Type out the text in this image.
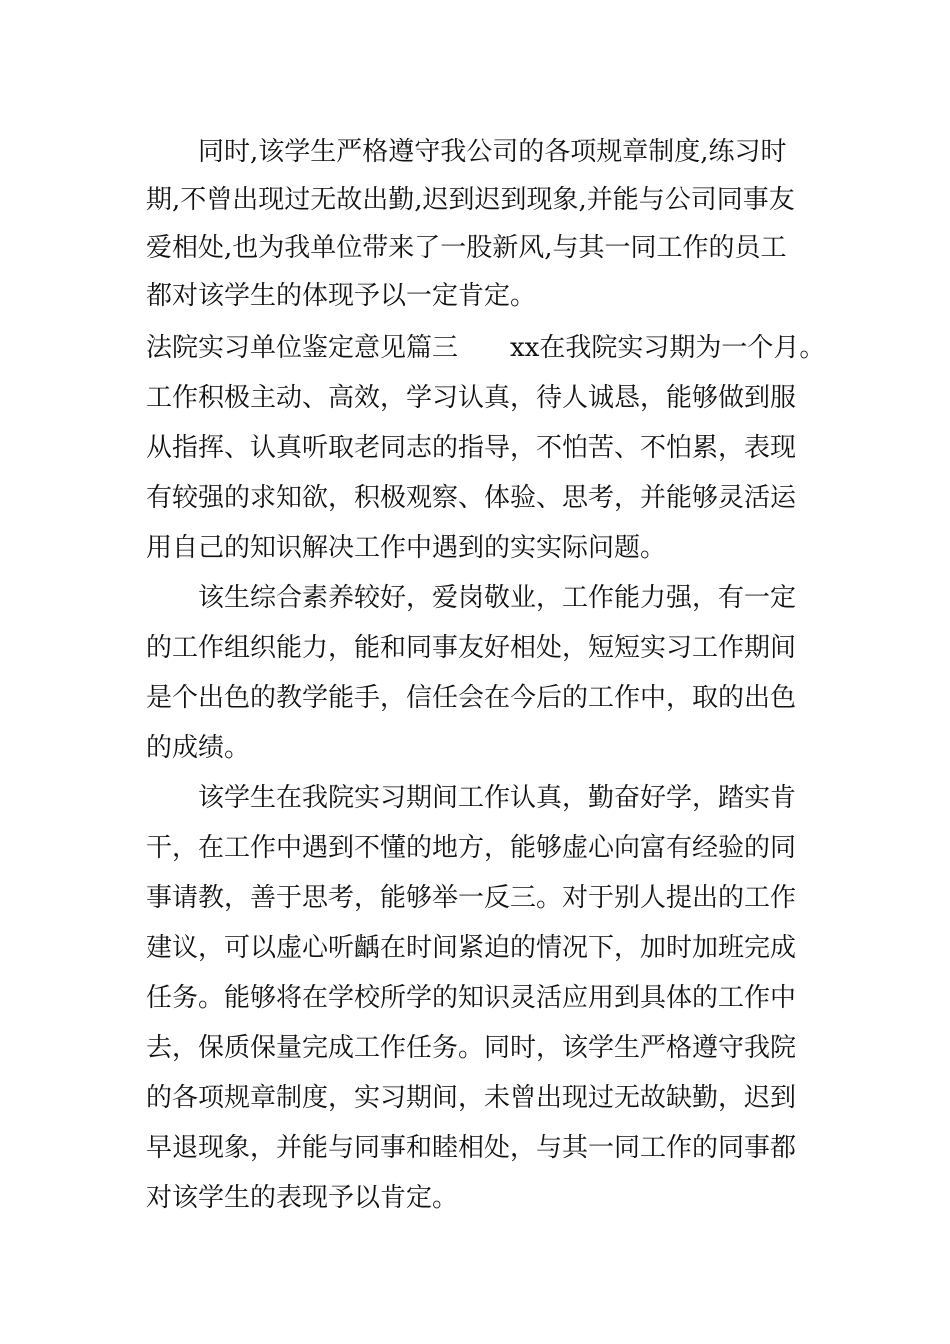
同时,该学生严格遵守我公司的各项规章制度,练习时
期,不曾出现过无故出勤,迟到迟到现象,并能与公司同事友
爱相处,也为我单位带来了一股新风,与其一同工作的员工
都对该学生的体现予以一定肯定。
法院实习单位鉴定意见篇三 xx在我院实习期为一个月。
工作积极主动、高效，学习认真，待人诚恳，能够做到服
从指挥、认真听取老同志的指导，不怕苦、不怕累，表现
有较强的求知欲，积极观察、体验、思考，并能够灵活运
用自己的知识解决工作中遇到的实实际问题。
该生综合素养较好，爱岗敬业，工作能力强，有一定
的工作组织能力，能和同事友好相处，短短实习工作期间
是个出色的教学能手，信任会在今后的工作中，取的出色
的成绩。
该学生在我院实习期间工作认真，勤奋好学，踏实肯
干，在工作中遇到不懂的地方，能够虚心向富有经验的同
事请教，善于思考，能够举一反三。对于别人提出的工作
建议，可以虚心听齲在时间紧迫的情况下，加时加班完成
任务。能够将在学校所学的知识灵活应用到具体的工作中
去，保质保量完成工作任务。同时，该学生严格遵守我院
的各项规章制度，实习期间，未曾出现过无故缺勤，迟到
早退现象，并能与同事和睦相处，与其一同工作的同事都
对该学生的表现予以肯定。
